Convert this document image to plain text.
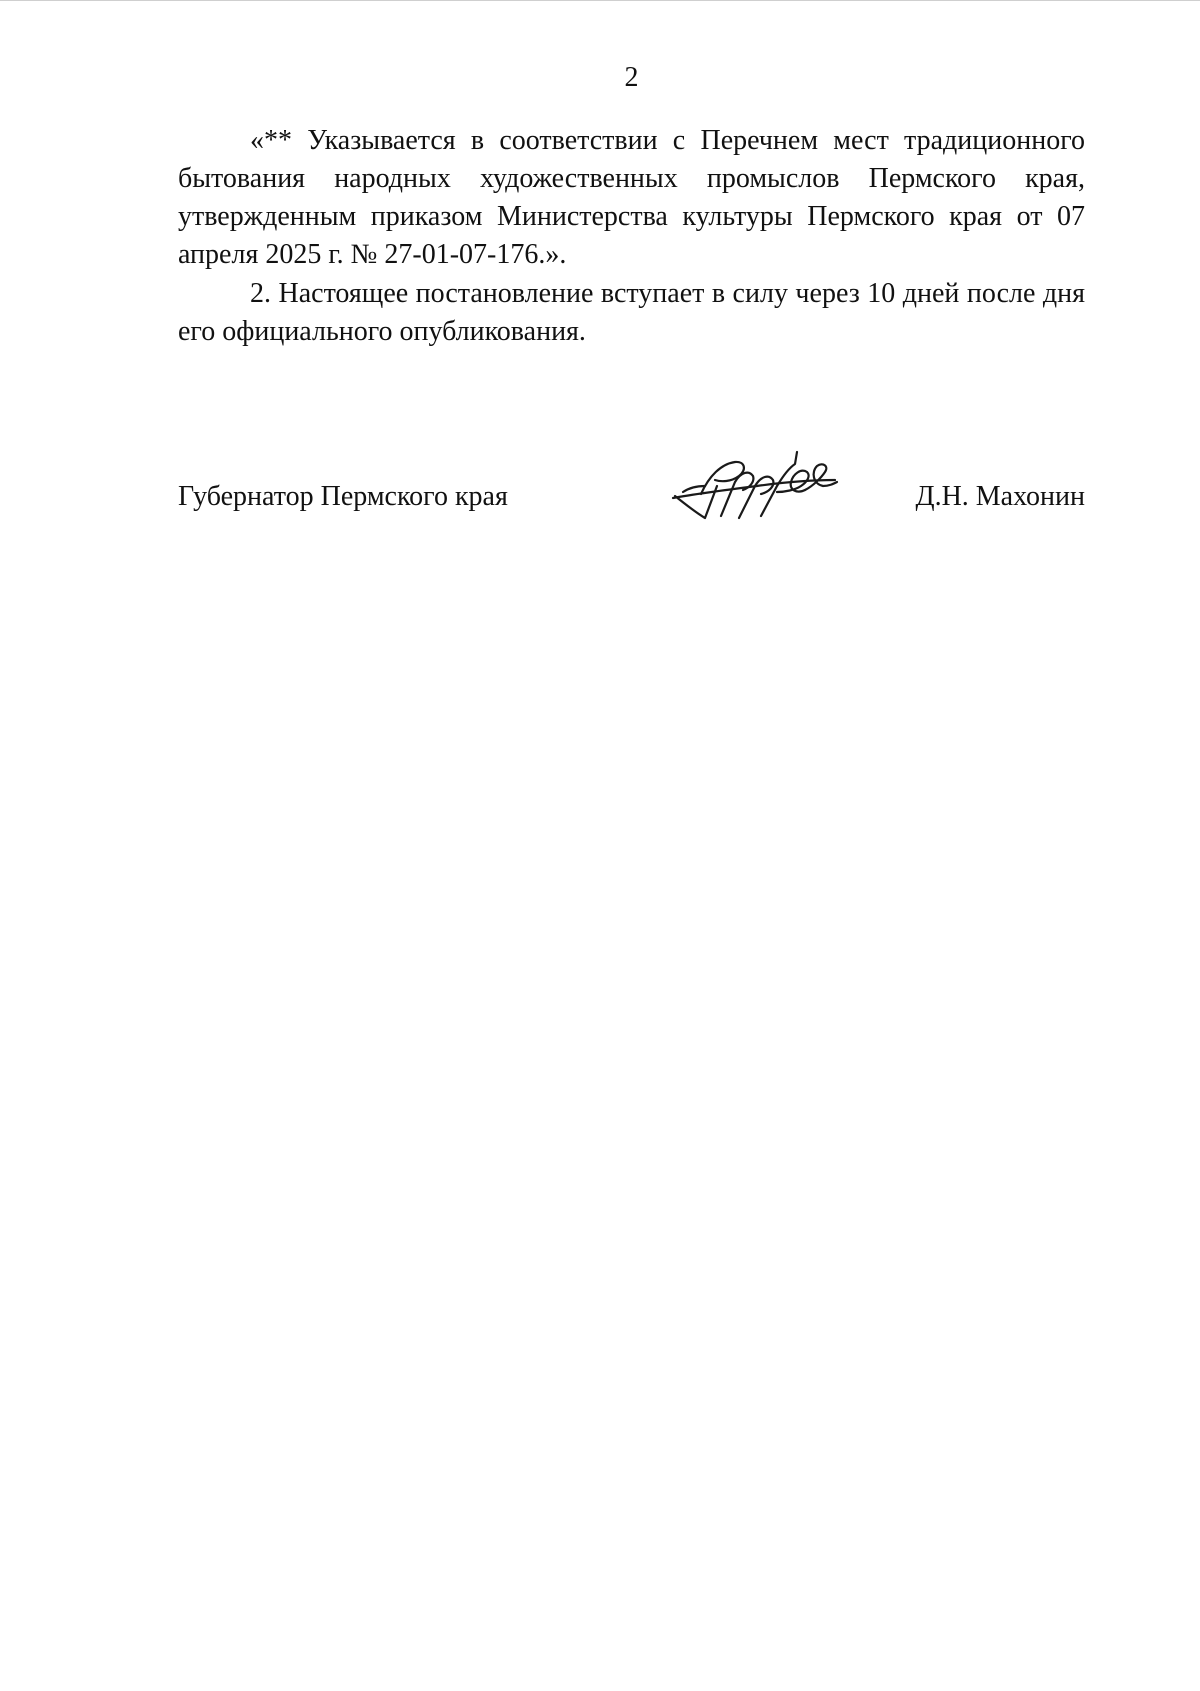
2

«** Указывается в соответствии с Перечнем мест традиционного бытования народных художественных промыслов Пермского края, утвержденным приказом Министерства культуры Пермского края от 07 апреля 2025 г. № 27-01-07-176.».

2. Настоящее постановление вступает в силу через 10 дней после дня его официального опубликования.

Губернатор Пермского края	Д.Н. Махонин
